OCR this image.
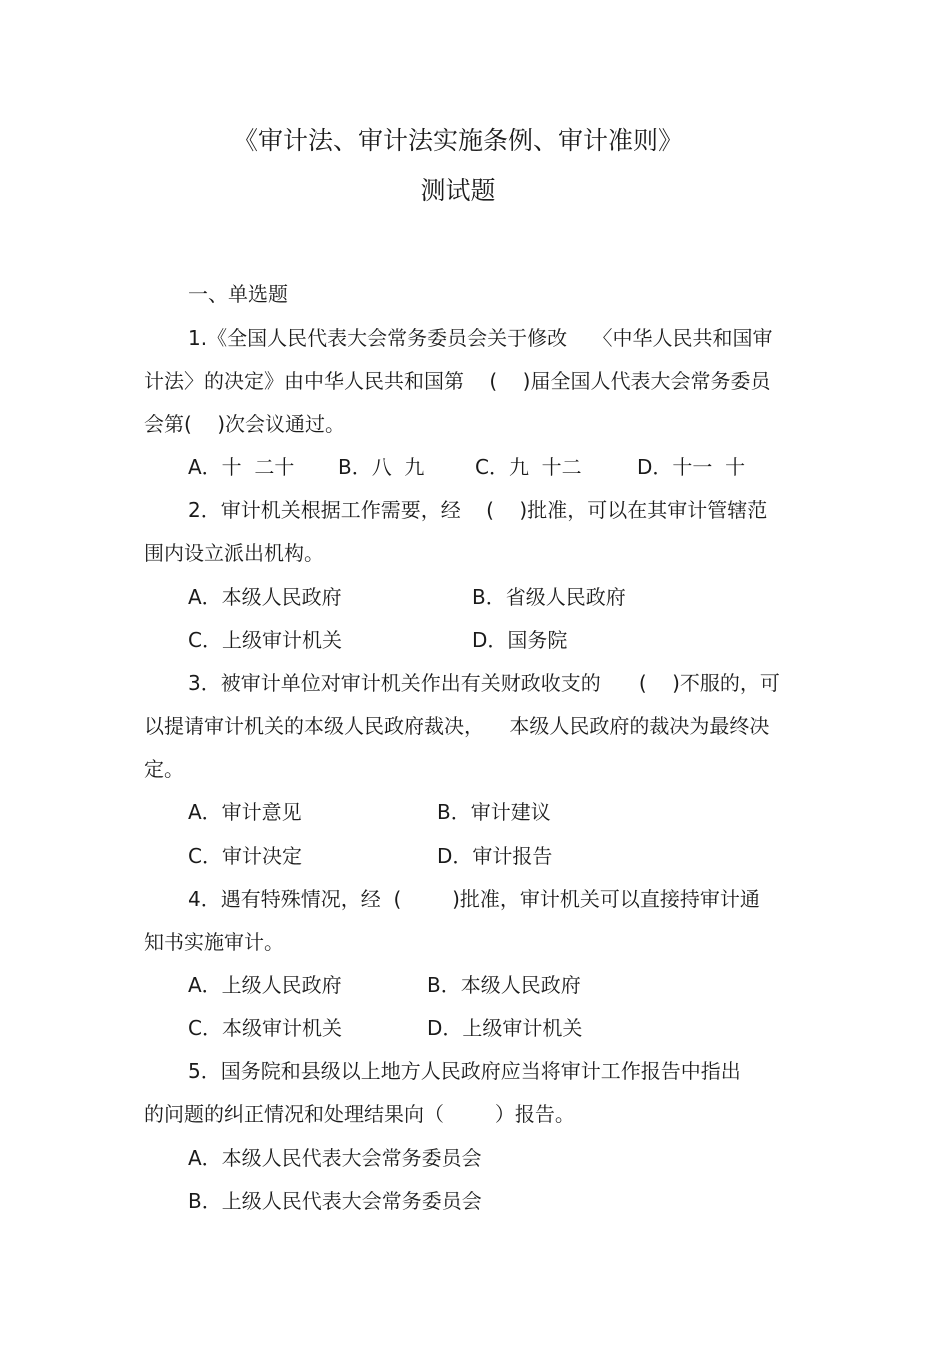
《审计法、审计法实施条例、审计准则》
测试题
一、单选题
1.《全国人民代表大会常务委员会关于修改    〈中华人民共和国审
计法〉的决定》由中华人民共和国第    (    )届全国人代表大会常务委员
会第(    )次会议通过。
A．十  二十 B．八  九	C．九  十二	D．十一  十
2．审计机关根据工作需要，经    (    )批准，可以在其审计管辖范
围内设立派出机构。
A．本级人民政府	B．省级人民政府
C．上级审计机关	D．国务院
3．被审计单位对审计机关作出有关财政收支的      (    )不服的，可
以提请审计机关的本级人民政府裁决，    本级人民政府的裁决为最终决
定。
A．审计意见	B．审计建议
C．审计决定	D．审计报告
4．遇有特殊情况，经  (        )批准，审计机关可以直接持审计通
知书实施审计。
A．上级人民政府	B．本级人民政府
C．本级审计机关	D．上级审计机关
5．国务院和县级以上地方人民政府应当将审计工作报告中指出
的问题的纠正情况和处理结果向（        ）报告。
A．本级人民代表大会常务委员会
B．上级人民代表大会常务委员会
